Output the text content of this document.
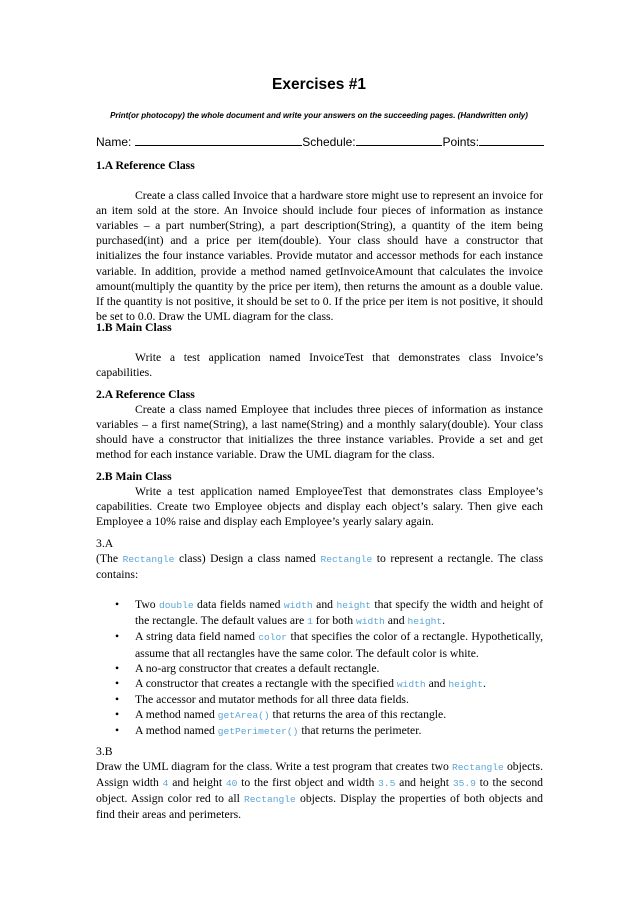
Exercises #1
Print(or photocopy) the whole document and write your answers on the succeeding pages. (Handwritten only)
Name:	Schedule:	Points:
1.A Reference Class
Create a class called Invoice that a hardware store might use to represent an invoice for an item sold at the store. An Invoice should include four pieces of information as instance variables – a part number(String), a part description(String), a quantity of the item being purchased(int) and a price per item(double). Your class should have a constructor that initializes the four instance variables. Provide mutator and accessor methods for each instance variable. In addition, provide a method named getInvoiceAmount that calculates the invoice amount(multiply the quantity by the price per item), then returns the amount as a double value. If the quantity is not positive, it should be set to 0. If the price per item is not positive, it should be set to 0.0. Draw the UML diagram for the class.
1.B Main Class
Write a test application named InvoiceTest that demonstrates class Invoice’s capabilities.
2.A Reference Class
Create a class named Employee that includes three pieces of information as instance variables – a first name(String), a last name(String) and a monthly salary(double). Your class should have a constructor that initializes the three instance variables. Provide a set and get method for each instance variable. Draw the UML diagram for the class.
2.B Main Class
Write a test application named EmployeeTest that demonstrates class Employee’s capabilities. Create two Employee objects and display each object’s salary. Then give each Employee a 10% raise and display each Employee’s yearly salary again.
3.A
(The Rectangle class) Design a class named Rectangle to represent a rectangle. The class contains:
• Two double data fields named width and height that specify the width and height of the rectangle. The default values are 1 for both width and height.
• A string data field named color that specifies the color of a rectangle. Hypothetically, assume that all rectangles have the same color. The default color is white.
• A no-arg constructor that creates a default rectangle.
• A constructor that creates a rectangle with the specified width and height.
• The accessor and mutator methods for all three data fields.
• A method named getArea() that returns the area of this rectangle.
• A method named getPerimeter() that returns the perimeter.
3.B
Draw the UML diagram for the class. Write a test program that creates two Rectangle objects. Assign width 4 and height 40 to the first object and width 3.5 and height 35.9 to the second object. Assign color red to all Rectangle objects. Display the properties of both objects and find their areas and perimeters.
